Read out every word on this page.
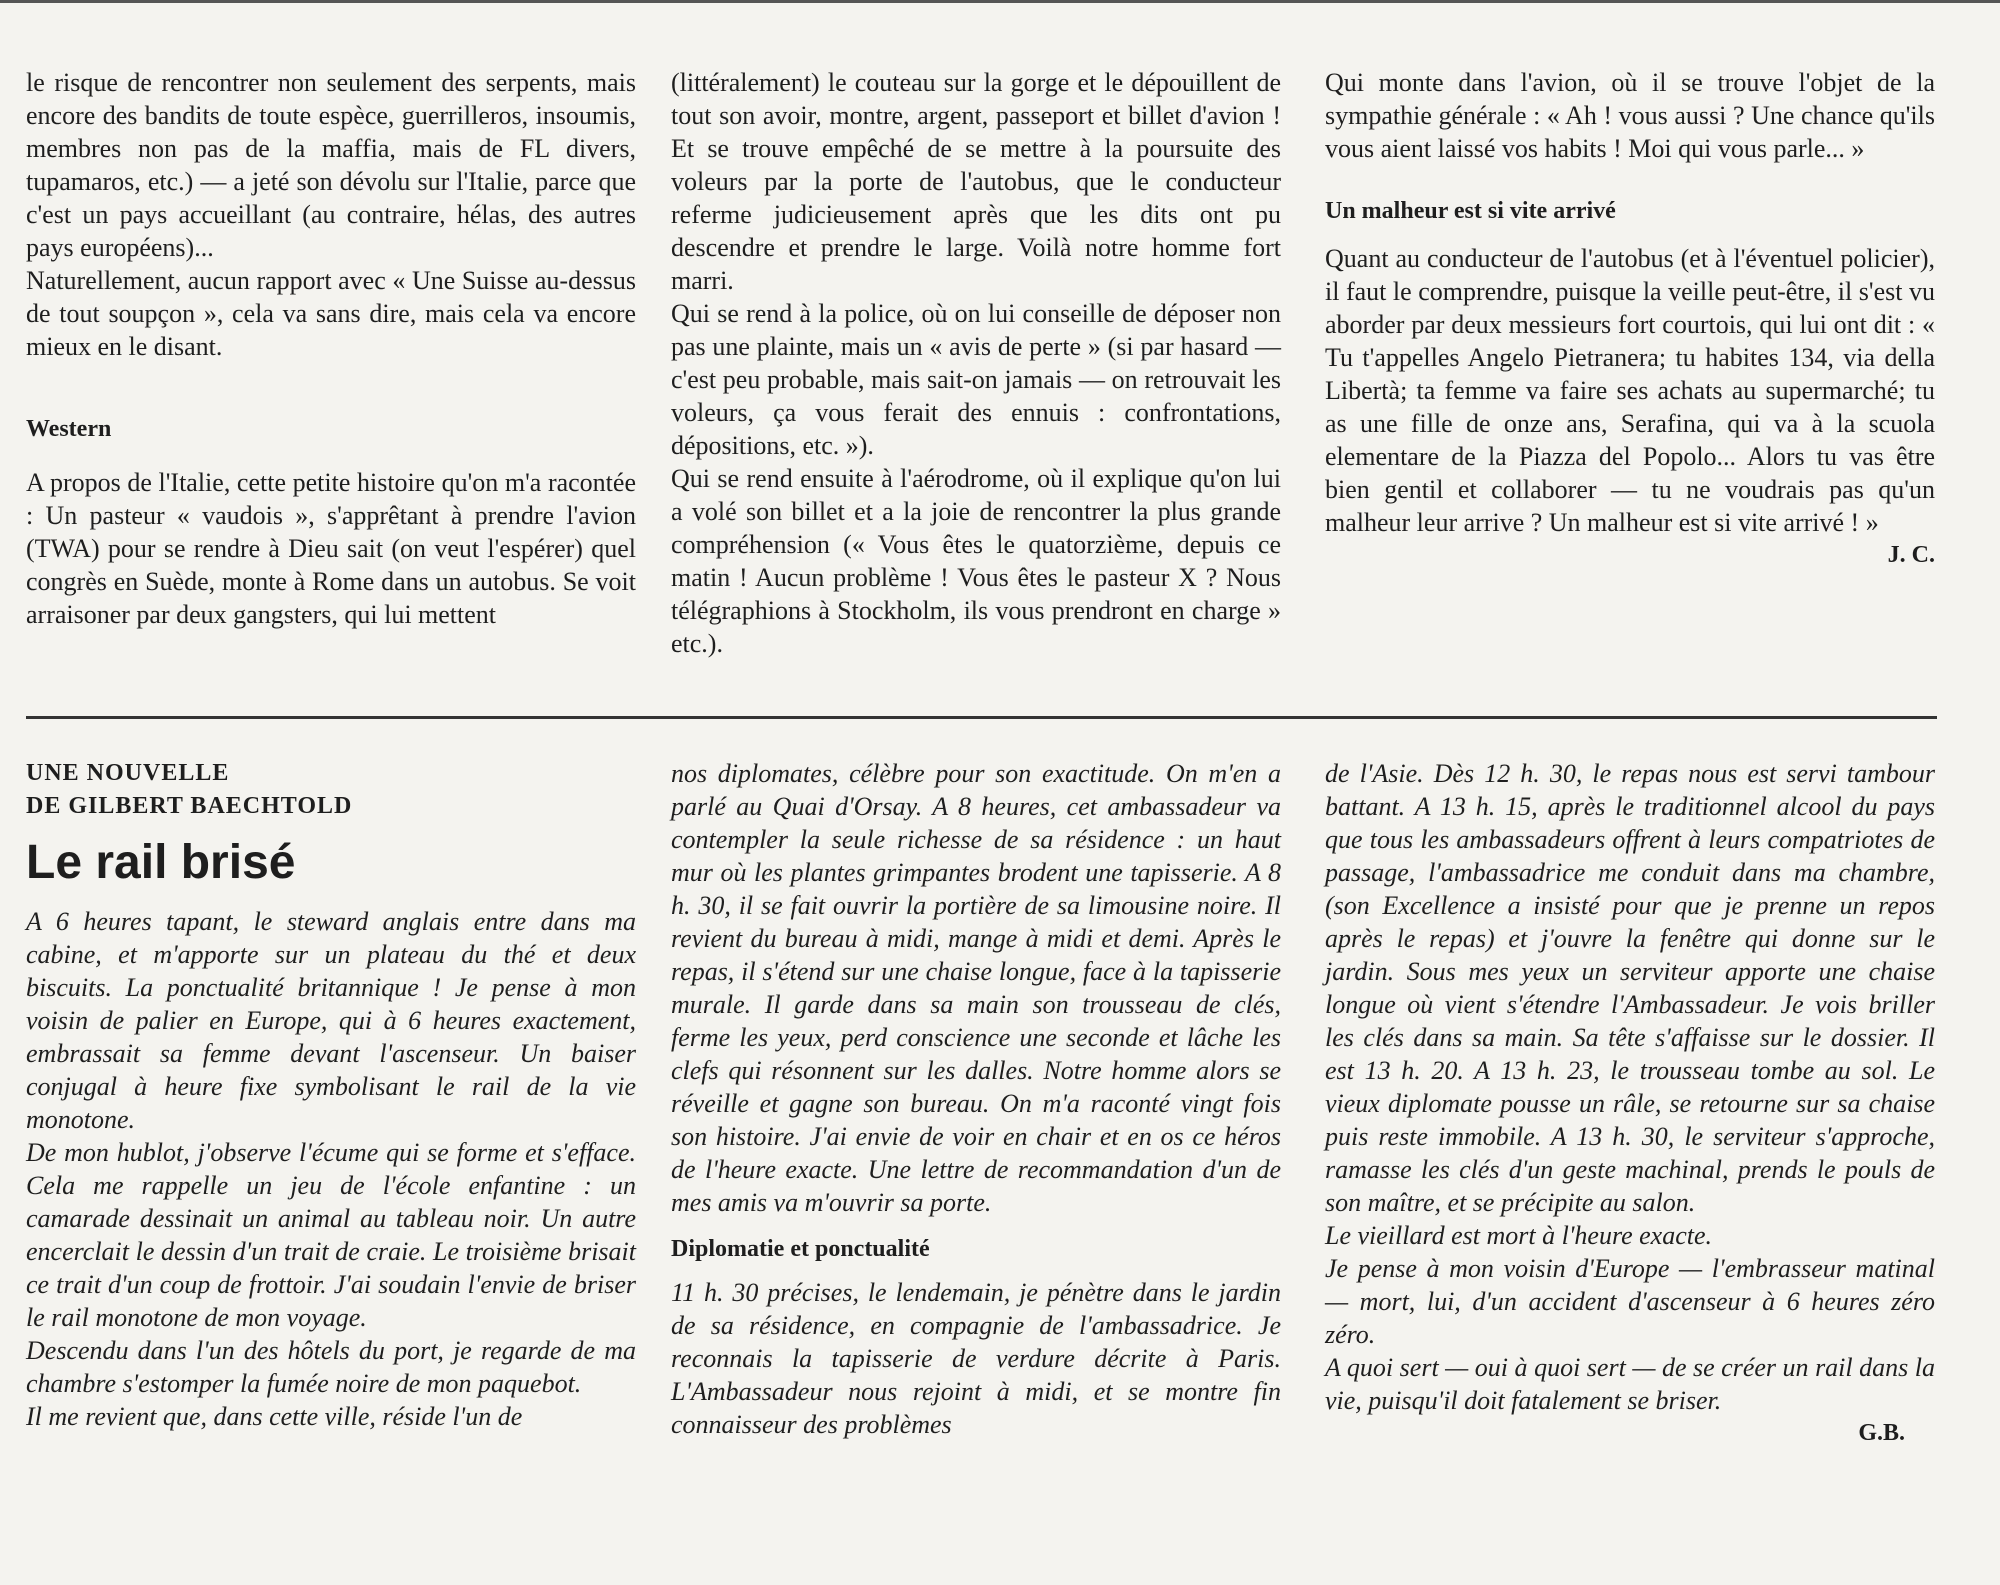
le risque de rencontrer non seulement des serpents, mais encore des bandits de toute espèce, guerrilleros, insoumis, membres non pas de la maffia, mais de FL divers, tupamaros, etc.) — a jeté son dévolu sur l'Italie, parce que c'est un pays accueillant (au contraire, hélas, des autres pays européens)...

Naturellement, aucun rapport avec « Une Suisse au-dessus de tout soupçon », cela va sans dire, mais cela va encore mieux en le disant.

Western

A propos de l'Italie, cette petite histoire qu'on m'a racontée : Un pasteur « vaudois », s'apprêtant à prendre l'avion (TWA) pour se rendre à Dieu sait (on veut l'espérer) quel congrès en Suède, monte à Rome dans un autobus. Se voit arraisoner par deux gangsters, qui lui mettent

(littéralement) le couteau sur la gorge et le dépouillent de tout son avoir, montre, argent, passeport et billet d'avion ! Et se trouve empêché de se mettre à la poursuite des voleurs par la porte de l'autobus, que le conducteur referme judicieusement après que les dits ont pu descendre et prendre le large. Voilà notre homme fort marri.

Qui se rend à la police, où on lui conseille de déposer non pas une plainte, mais un « avis de perte » (si par hasard — c'est peu probable, mais sait-on jamais — on retrouvait les voleurs, ça vous ferait des ennuis : confrontations, dépositions, etc. »).

Qui se rend ensuite à l'aérodrome, où il explique qu'on lui a volé son billet et a la joie de rencontrer la plus grande compréhension (« Vous êtes le quatorzième, depuis ce matin ! Aucun problème ! Vous êtes le pasteur X ? Nous télégraphions à Stockholm, ils vous prendront en charge » etc.).

Qui monte dans l'avion, où il se trouve l'objet de la sympathie générale : « Ah ! vous aussi ? Une chance qu'ils vous aient laissé vos habits ! Moi qui vous parle... »

Un malheur est si vite arrivé

Quant au conducteur de l'autobus (et à l'éventuel policier), il faut le comprendre, puisque la veille peut-être, il s'est vu aborder par deux messieurs fort courtois, qui lui ont dit : « Tu t'appelles Angelo Pietranera; tu habites 134, via della Libertà; ta femme va faire ses achats au supermarché; tu as une fille de onze ans, Serafina, qui va à la scuola elementare de la Piazza del Popolo... Alors tu vas être bien gentil et collaborer — tu ne voudrais pas qu'un malheur leur arrive ? Un malheur est si vite arrivé ! »

J. C.

UNE NOUVELLE
DE GILBERT BAECHTOLD
Le rail brisé

A 6 heures tapant, le steward anglais entre dans ma cabine, et m'apporte sur un plateau du thé et deux biscuits. La ponctualité britannique ! Je pense à mon voisin de palier en Europe, qui à 6 heures exactement, embrassait sa femme devant l'ascenseur. Un baiser conjugal à heure fixe symbolisant le rail de la vie monotone.

De mon hublot, j'observe l'écume qui se forme et s'efface. Cela me rappelle un jeu de l'école enfantine : un camarade dessinait un animal au tableau noir. Un autre encerclait le dessin d'un trait de craie. Le troisième brisait ce trait d'un coup de frottoir. J'ai soudain l'envie de briser le rail monotone de mon voyage.

Descendu dans l'un des hôtels du port, je regarde de ma chambre s'estomper la fumée noire de mon paquebot.

Il me revient que, dans cette ville, réside l'un de

nos diplomates, célèbre pour son exactitude. On m'en a parlé au Quai d'Orsay. A 8 heures, cet ambassadeur va contempler la seule richesse de sa résidence : un haut mur où les plantes grimpantes brodent une tapisserie. A 8 h. 30, il se fait ouvrir la portière de sa limousine noire. Il revient du bureau à midi, mange à midi et demi. Après le repas, il s'étend sur une chaise longue, face à la tapisserie murale. Il garde dans sa main son trousseau de clés, ferme les yeux, perd conscience une seconde et lâche les clefs qui résonnent sur les dalles. Notre homme alors se réveille et gagne son bureau. On m'a raconté vingt fois son histoire. J'ai envie de voir en chair et en os ce héros de l'heure exacte. Une lettre de recommandation d'un de mes amis va m'ouvrir sa porte.

Diplomatie et ponctualité

11 h. 30 précises, le lendemain, je pénètre dans le jardin de sa résidence, en compagnie de l'ambassadrice. Je reconnais la tapisserie de verdure décrite à Paris. L'Ambassadeur nous rejoint à midi, et se montre fin connaisseur des problèmes

de l'Asie. Dès 12 h. 30, le repas nous est servi tambour battant. A 13 h. 15, après le traditionnel alcool du pays que tous les ambassadeurs offrent à leurs compatriotes de passage, l'ambassadrice me conduit dans ma chambre, (son Excellence a insisté pour que je prenne un repos après le repas) et j'ouvre la fenêtre qui donne sur le jardin. Sous mes yeux un serviteur apporte une chaise longue où vient s'étendre l'Ambassadeur. Je vois briller les clés dans sa main. Sa tête s'affaisse sur le dossier. Il est 13 h. 20. A 13 h. 23, le trousseau tombe au sol. Le vieux diplomate pousse un râle, se retourne sur sa chaise puis reste immobile. A 13 h. 30, le serviteur s'approche, ramasse les clés d'un geste machinal, prends le pouls de son maître, et se précipite au salon.

Le vieillard est mort à l'heure exacte.

Je pense à mon voisin d'Europe — l'embrasseur matinal — mort, lui, d'un accident d'ascenseur à 6 heures zéro zéro.

A quoi sert — oui à quoi sert — de se créer un rail dans la vie, puisqu'il doit fatalement se briser.

G.B.
